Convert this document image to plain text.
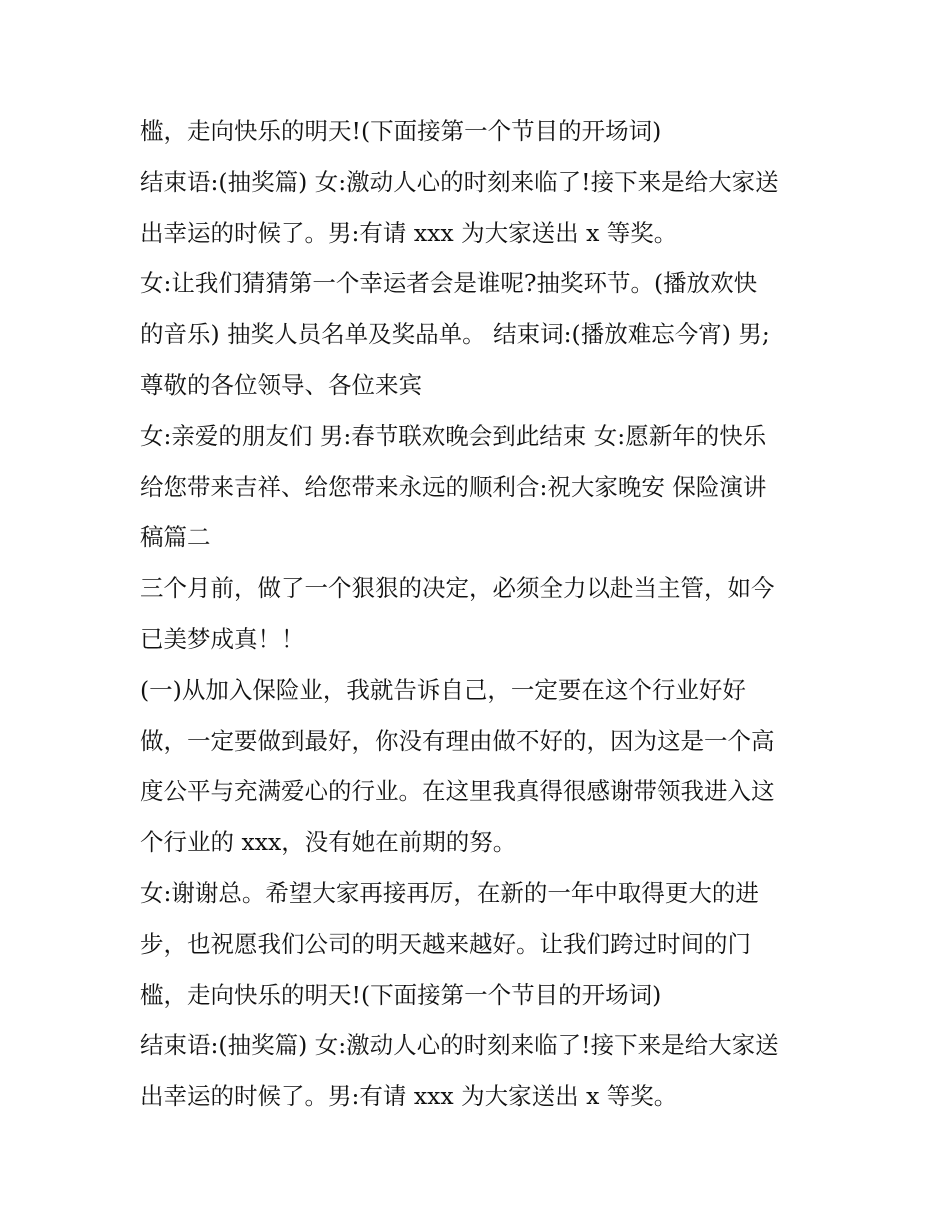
槛，走向快乐的明天!(下面接第一个节目的开场词)
结束语:(抽奖篇) 女:激动人心的时刻来临了!接下来是给大家送
出幸运的时候了。男:有请 xxx 为大家送出 x 等奖。
女:让我们猜猜第一个幸运者会是谁呢?抽奖环节。(播放欢快
的音乐) 抽奖人员名单及奖品单。 结束词:(播放难忘今宵) 男;
尊敬的各位领导、各位来宾
女:亲爱的朋友们 男:春节联欢晚会到此结束 女:愿新年的快乐
给您带来吉祥、给您带来永远的顺利合:祝大家晚安 保险演讲
稿篇二
三个月前，做了一个狠狠的决定，必须全力以赴当主管，如今
已美梦成真！！
(一)从加入保险业，我就告诉自己，一定要在这个行业好好
做，一定要做到最好，你没有理由做不好的，因为这是一个高
度公平与充满爱心的行业。在这里我真得很感谢带领我进入这
个行业的 xxx，没有她在前期的努。
女:谢谢总。希望大家再接再厉，在新的一年中取得更大的进
步，也祝愿我们公司的明天越来越好。让我们跨过时间的门
槛，走向快乐的明天!(下面接第一个节目的开场词)
结束语:(抽奖篇) 女:激动人心的时刻来临了!接下来是给大家送
出幸运的时候了。男:有请 xxx 为大家送出 x 等奖。
